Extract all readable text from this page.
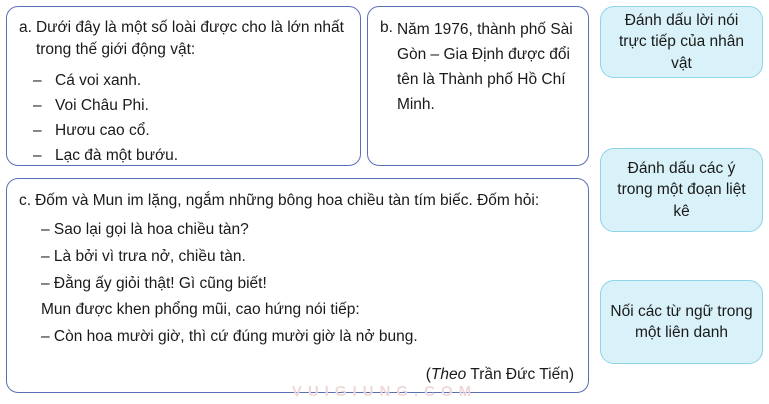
a. Dưới đây là một số loài được cho là lớn nhất trong thế giới động vật:
– Cá voi xanh.
– Voi Châu Phi.
– Hươu cao cổ.
– Lạc đà một bướu.
b. Năm 1976, thành phố Sài Gòn – Gia Định được đổi tên là Thành phố Hồ Chí Minh.
c. Đốm và Mun im lặng, ngắm những bông hoa chiều tàn tím biếc. Đốm hỏi:
– Sao lại gọi là hoa chiều tàn?
– Là bởi vì trưa nở, chiều tàn.
– Đằng ấy giỏi thật! Gì cũng biết!
Mun được khen phổng mũi, cao hứng nói tiếp:
– Còn hoa mười giờ, thì cứ đúng mười giờ là nở bung.
(Theo Trần Đức Tiến)
Đánh dấu lời nói trực tiếp của nhân vật
Đánh dấu các ý trong một đoạn liệt kê
Nối các từ ngữ trong một liên danh
VUIGIUNG.COM
